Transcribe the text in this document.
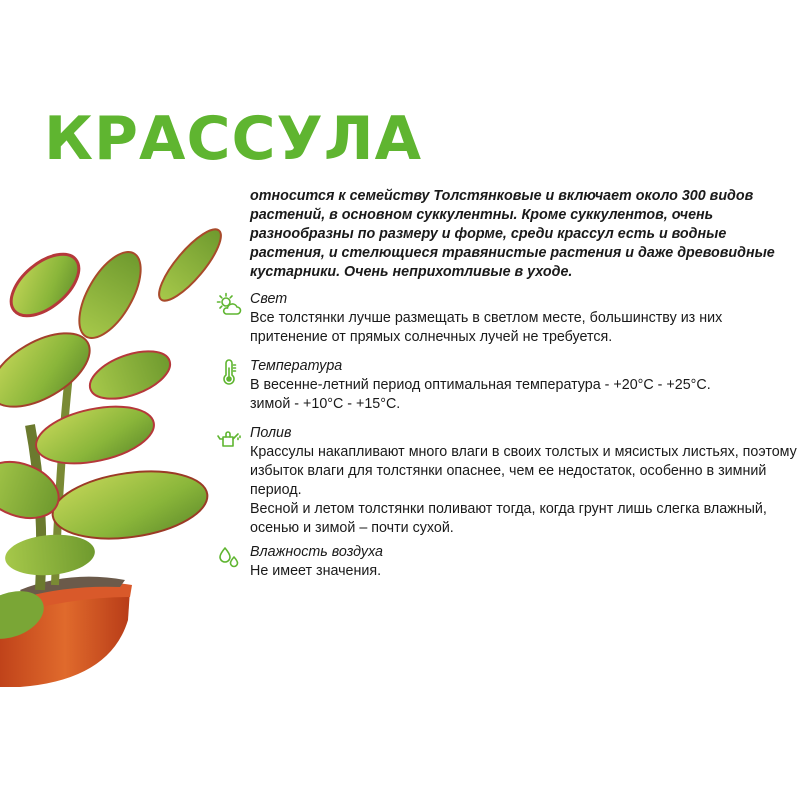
КРАССУЛА

относится к семейству Толстянковые и включает около 300 видов растений, в основном суккулентны. Кроме суккулентов, очень разнообразны по размеру и форме, среди крассул есть и водные растения, и стелющиеся травянистые растения и даже древовидные кустарники. Очень неприхотливые в уходе.

Свет

Все толстянки лучше размещать в светлом месте, большинству из них притенение от прямых солнечных лучей не требуется.

Температура

В весенне-летний период оптимальная температура - +20°С - +25°С.

зимой - +10°С - +15°С.

Полив

Крассулы накапливают много влаги в своих толстых и мясистых листьях, поэтому избыток влаги для толстянки опаснее, чем ее недостаток, особенно в зимний период.

Весной и летом толстянки поливают тогда, когда грунт лишь слегка влажный, осенью и зимой – почти сухой.

Влажность воздуха

Не имеет значения.
